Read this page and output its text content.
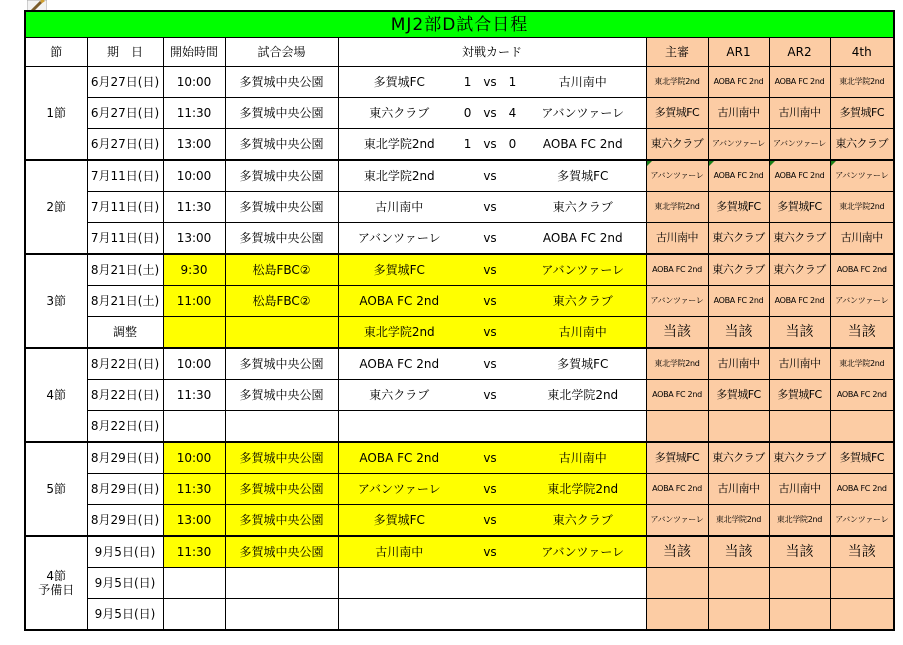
MJ2部D試合日程										
節	期　日	開始時間	試合会場	対戦カード			主審	AR1	AR2	4th
1節	6月27日(日)	10:00	多賀城中央公園	多賀城FC	1　vs　1	古川南中	東北学院2nd	AOBA FC 2nd	AOBA FC 2nd	東北学院2nd
	6月27日(日)	11:30	多賀城中央公園	東六クラブ	0　vs　4	アバンツァーレ	多賀城FC	古川南中	古川南中	多賀城FC
	6月27日(日)	13:00	多賀城中央公園	東北学院2nd	1　vs　0	AOBA FC 2nd	東六クラブ	アバンツァーレ	アバンツァーレ	東六クラブ
2節	7月11日(日)	10:00	多賀城中央公園	東北学院2nd	vs	多賀城FC	アバンツァーレ	AOBA FC 2nd	AOBA FC 2nd	アバンツァーレ
	7月11日(日)	11:30	多賀城中央公園	古川南中	vs	東六クラブ	東北学院2nd	多賀城FC	多賀城FC	東北学院2nd
	7月11日(日)	13:00	多賀城中央公園	アバンツァーレ	vs	AOBA FC 2nd	古川南中	東六クラブ	東六クラブ	古川南中
3節	8月21日(土)	9:30	松島FBC②	多賀城FC	vs	アバンツァーレ	AOBA FC 2nd	東六クラブ	東六クラブ	AOBA FC 2nd
	8月21日(土)	11:00	松島FBC②	AOBA FC 2nd	vs	東六クラブ	アバンツァーレ	AOBA FC 2nd	AOBA FC 2nd	アバンツァーレ
	調整			東北学院2nd	vs	古川南中	当該	当該	当該	当該
4節	8月22日(日)	10:00	多賀城中央公園	AOBA FC 2nd	vs	多賀城FC	東北学院2nd	古川南中	古川南中	東北学院2nd
	8月22日(日)	11:30	多賀城中央公園	東六クラブ	vs	東北学院2nd	AOBA FC 2nd	多賀城FC	多賀城FC	AOBA FC 2nd
	8月22日(日)									
5節	8月29日(日)	10:00	多賀城中央公園	AOBA FC 2nd	vs	古川南中	多賀城FC	東六クラブ	東六クラブ	多賀城FC
	8月29日(日)	11:30	多賀城中央公園	アバンツァーレ	vs	東北学院2nd	AOBA FC 2nd	古川南中	古川南中	AOBA FC 2nd
	8月29日(日)	13:00	多賀城中央公園	多賀城FC	vs	東六クラブ	アバンツァーレ	東北学院2nd	東北学院2nd	アバンツァーレ
4節
予備日	9月5日(日)	11:30	多賀城中央公園	古川南中	vs	アバンツァーレ	当該	当該	当該	当該
	9月5日(日)									
	9月5日(日)									
